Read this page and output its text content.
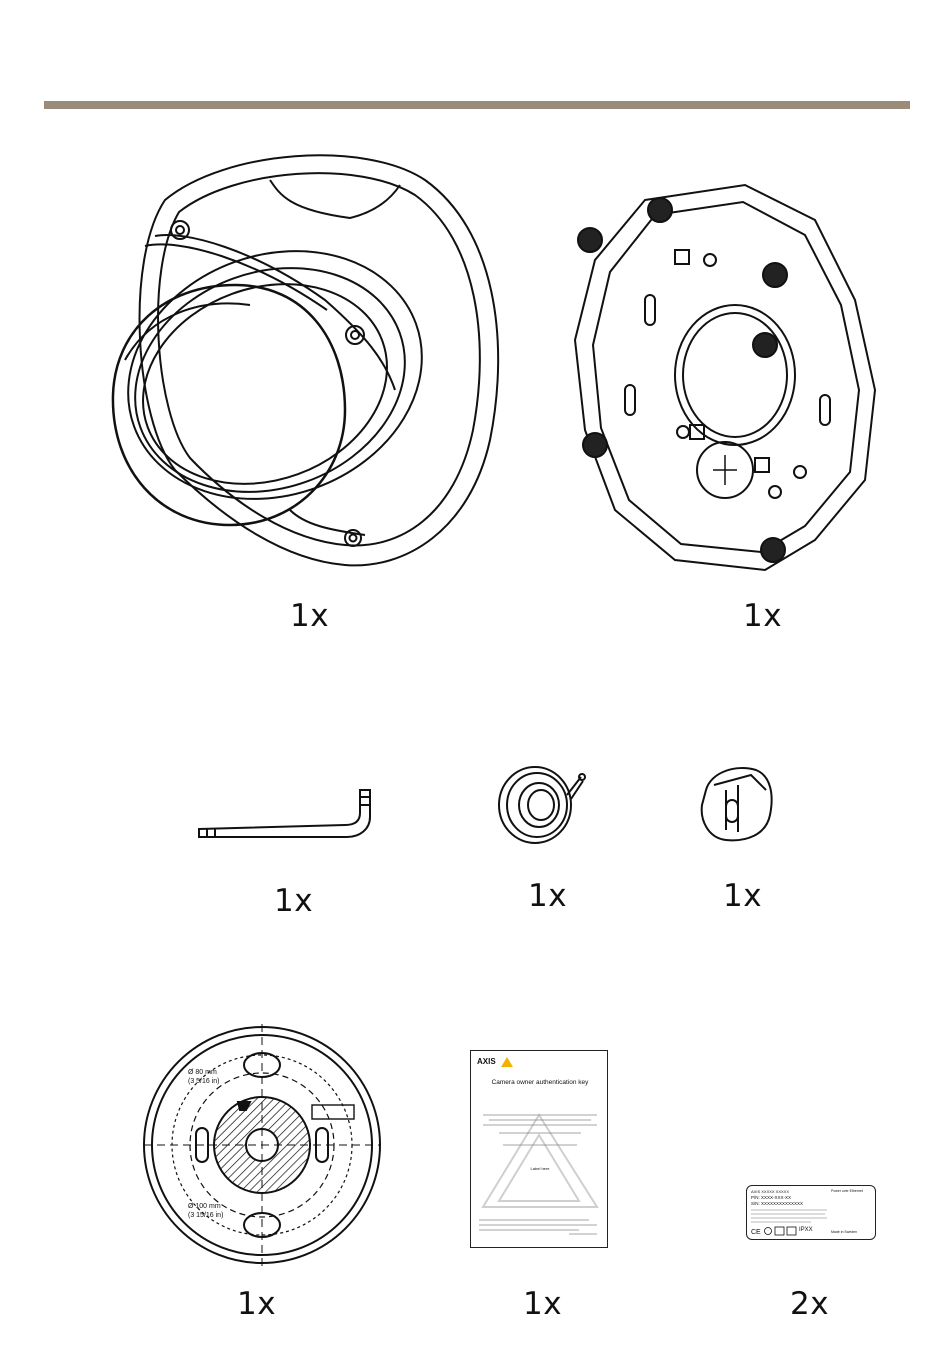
1x	1x
1x	1x	1x
Ø 80 mm
(3 5/16 in)
Ø 100 mm
(3 15/16 in)
1x
AXIS
Camera owner authentication key
Label here
1x
AXIS XXXXX XXXXX
P/N: XXXX-XXX-XX
S/N: XXXXXXXXXXXXXX
Power over Ethernet
CE	IPXX	Made in Sweden
2x
